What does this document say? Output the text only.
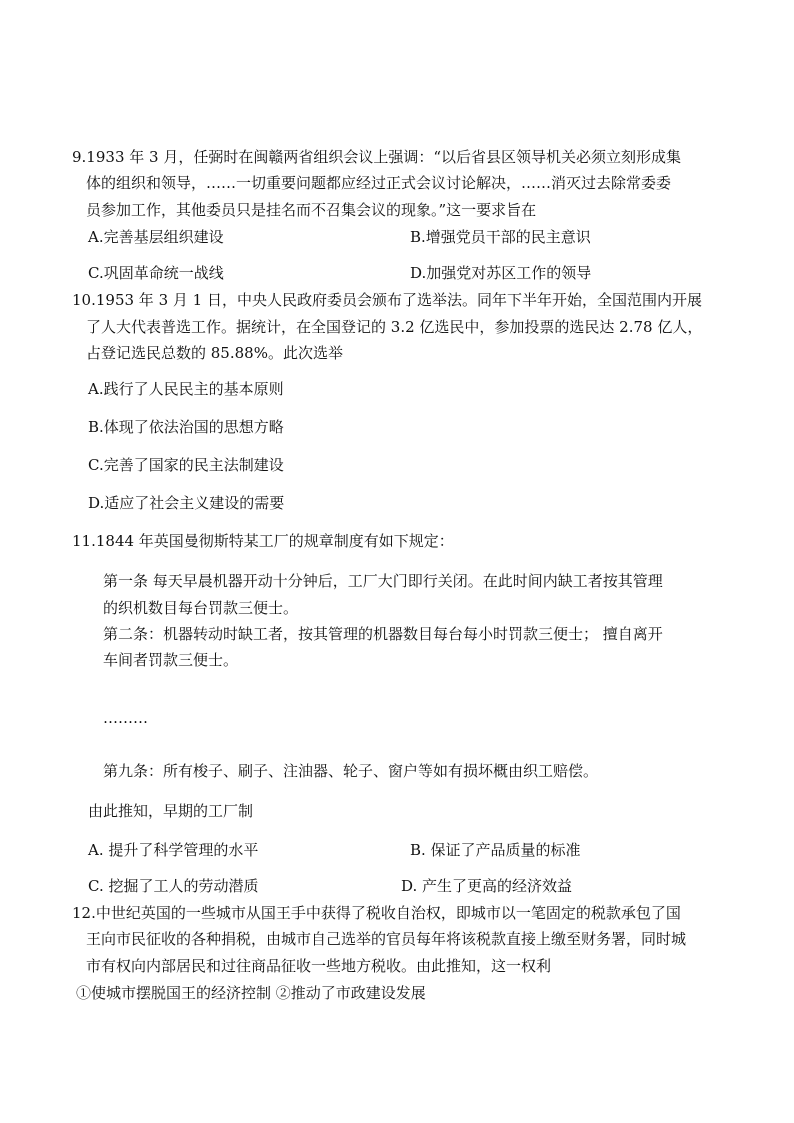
9.1933 年 3 月，任弼时在闽赣两省组织会议上强调：“以后省县区领导机关必须立刻形成集
体的组织和领导，……一切重要问题都应经过正式会议讨论解决，……消灭过去除常委委
员参加工作，其他委员只是挂名而不召集会议的现象。”这一要求旨在
A.完善基层组织建设	B.增强党员干部的民主意识
C.巩固革命统一战线	D.加强党对苏区工作的领导
10.1953 年 3 月 1 日，中央人民政府委员会颁布了选举法。同年下半年开始，全国范围内开展
了人大代表普选工作。据统计，在全国登记的 3.2 亿选民中，参加投票的选民达 2.78 亿人，
占登记选民总数的 85.88%。此次选举
A.践行了人民民主的基本原则
B.体现了依法治国的思想方略
C.完善了国家的民主法制建设
D.适应了社会主义建设的需要
11.1844 年英国曼彻斯特某工厂的规章制度有如下规定：
第一条 每天早晨机器开动十分钟后，工厂大门即行关闭。在此时间内缺工者按其管理
的织机数目每台罚款三便士。
第二条：机器转动时缺工者，按其管理的机器数目每台每小时罚款三便士； 擅自离开
车间者罚款三便士。
………
第九条：所有梭子、刷子、注油器、轮子、窗户等如有损坏概由织工赔偿。
由此推知，早期的工厂制
A. 提升了科学管理的水平	B. 保证了产品质量的标准
C. 挖掘了工人的劳动潜质	D. 产生了更高的经济效益
12.中世纪英国的一些城市从国王手中获得了税收自治权，即城市以一笔固定的税款承包了国
王向市民征收的各种捐税，由城市自己选举的官员每年将该税款直接上缴至财务署，同时城
市有权向内部居民和过往商品征收一些地方税收。由此推知，这一权利
①使城市摆脱国王的经济控制 ②推动了市政建设发展
